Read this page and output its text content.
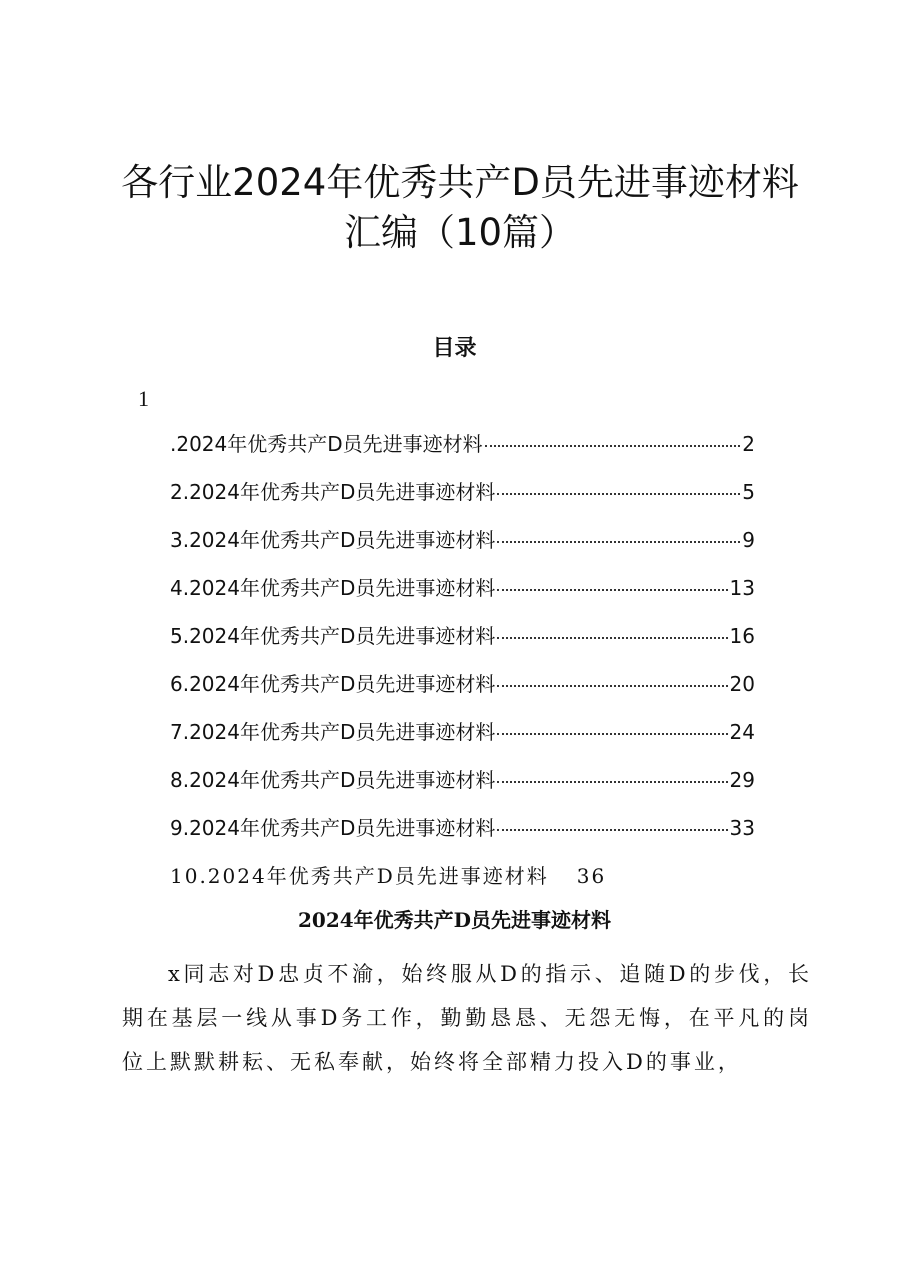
各行业2024年优秀共产D员先进事迹材料汇编（10篇）
目录
1
.2024年优秀共产D员先进事迹材料	2
2.2024年优秀共产D员先进事迹材料	5
3.2024年优秀共产D员先进事迹材料	9
4.2024年优秀共产D员先进事迹材料	13
5.2024年优秀共产D员先进事迹材料	16
6.2024年优秀共产D员先进事迹材料	20
7.2024年优秀共产D员先进事迹材料	24
8.2024年优秀共产D员先进事迹材料	29
9.2024年优秀共产D员先进事迹材料	33
10.2024年优秀共产D员先进事迹材料 36
2024年优秀共产D员先进事迹材料
x同志对D忠贞不渝，始终服从D的指示、追随D的步伐，长期在基层一线从事D务工作，勤勤恳恳、无怨无悔，在平凡的岗位上默默耕耘、无私奉献，始终将全部精力投入D的事业，
